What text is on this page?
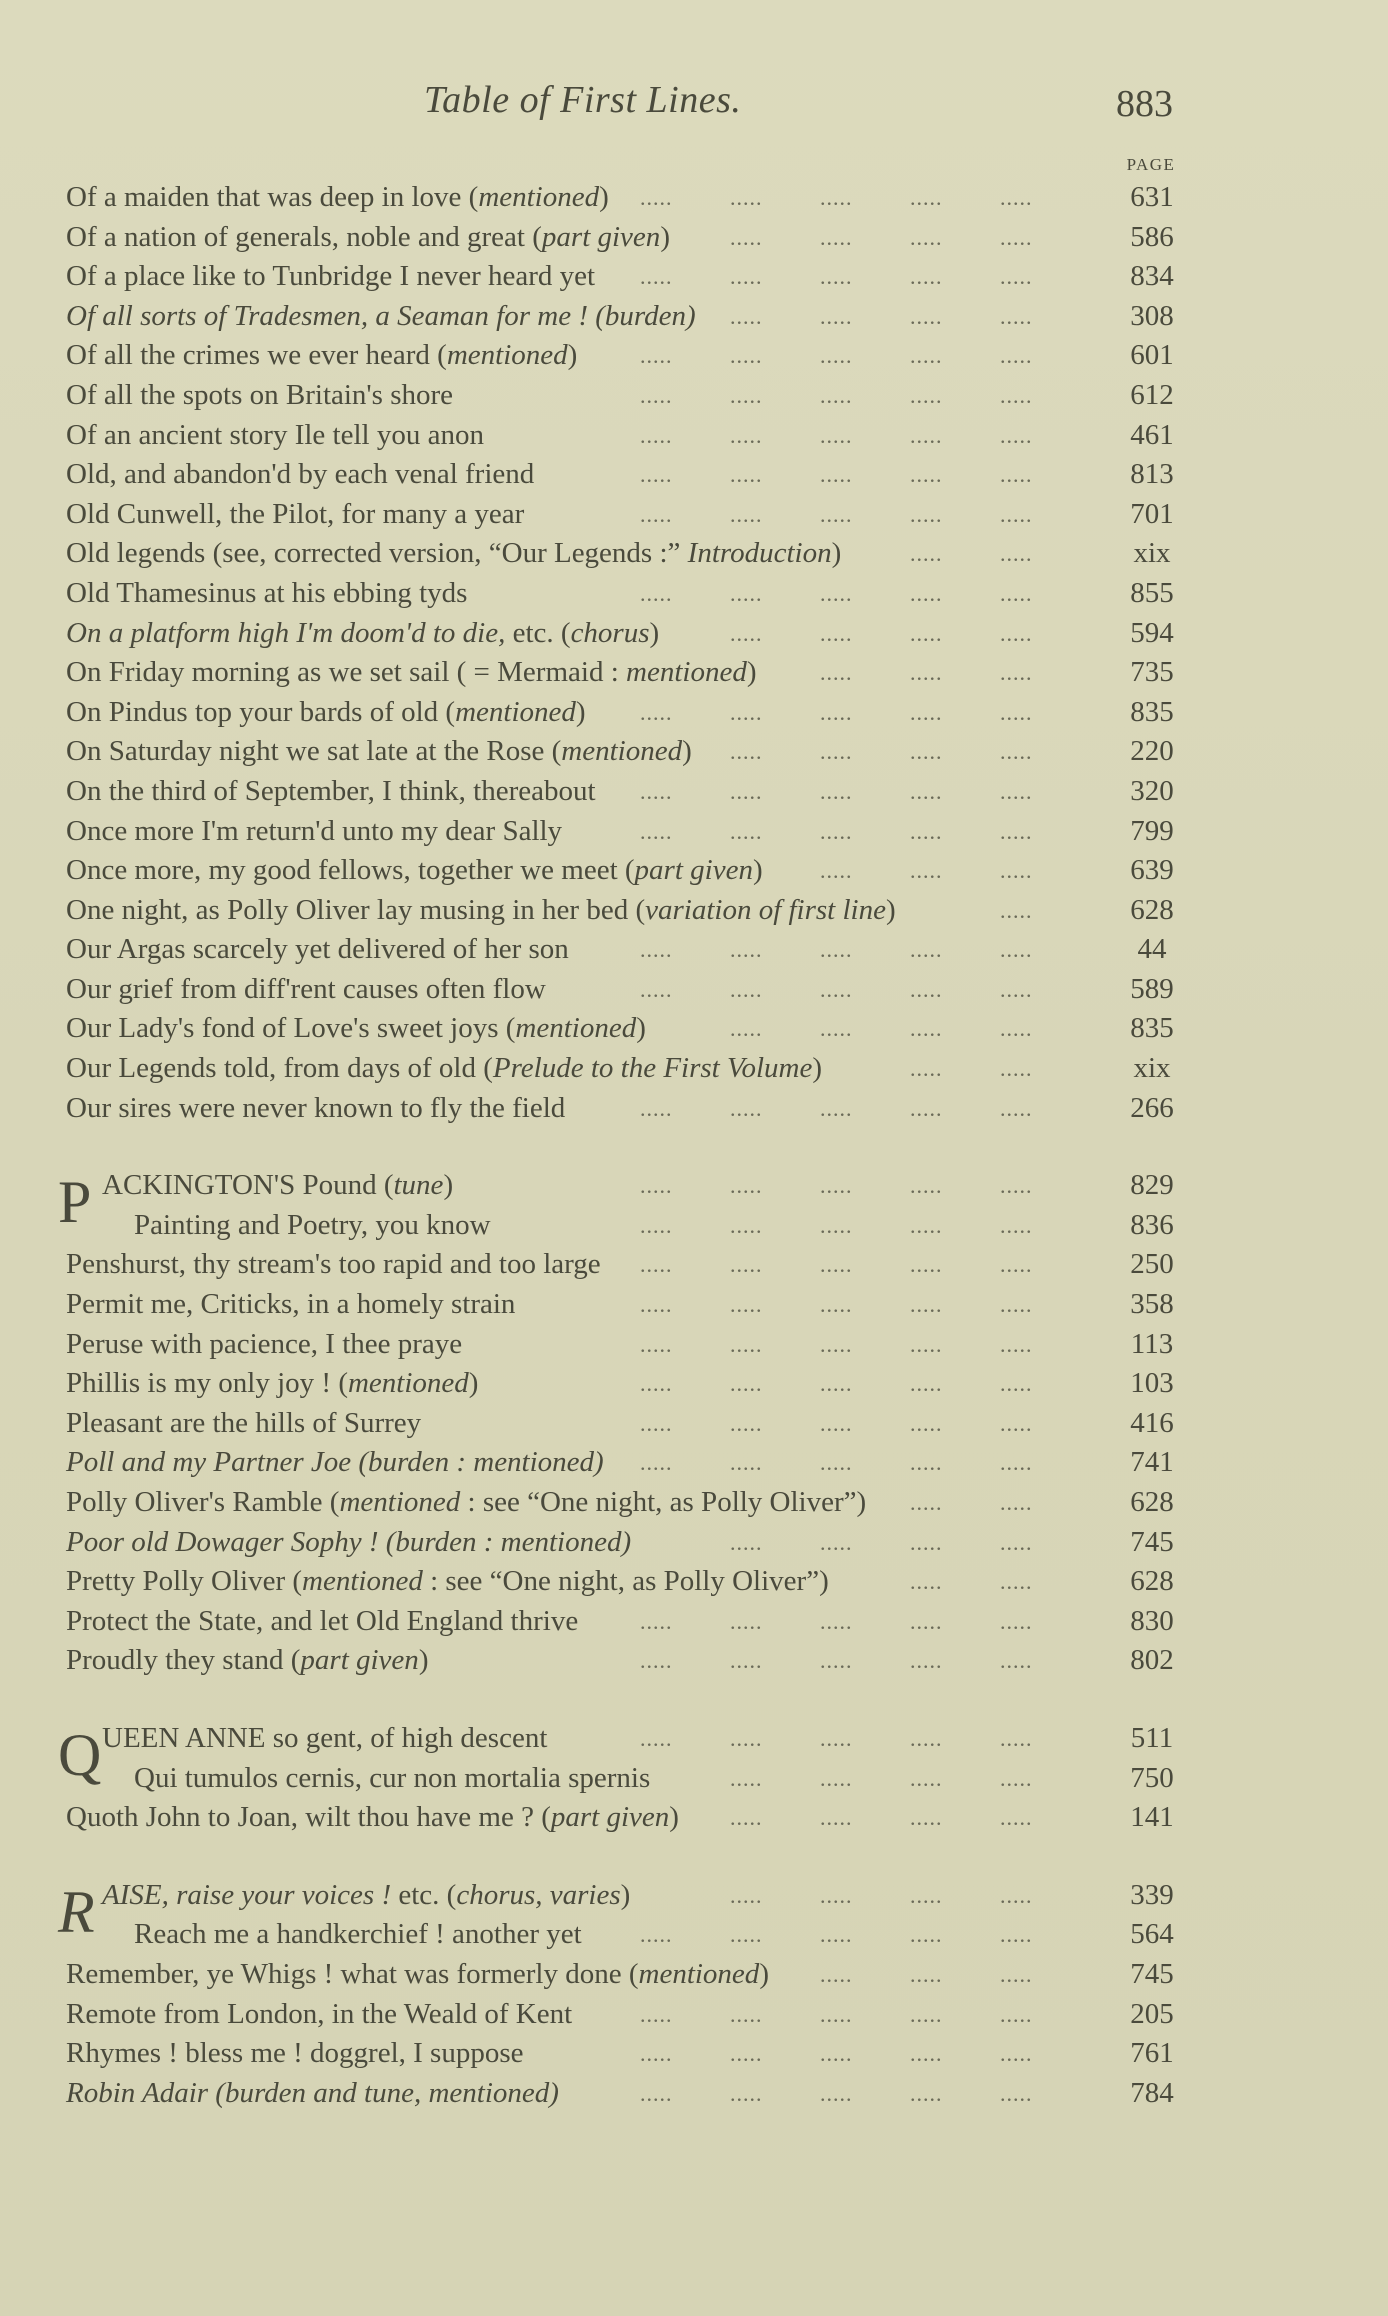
Table of First Lines.	883
PAGE
Of a maiden that was deep in love (mentioned)	631
.....	.....	.....	.....	.....
Of a nation of generals, noble and great (part given)	586
.....	.....	.....	.....
Of a place like to Tunbridge I never heard yet	834
.....	.....	.....	.....	.....
Of all sorts of Tradesmen, a Seaman for me ! (burden)	308
.....	.....	.....	.....
Of all the crimes we ever heard (mentioned)	601
.....	.....	.....	.....	.....
Of all the spots on Britain's shore	612
.....	.....	.....	.....	.....
Of an ancient story Ile tell you anon	461
.....	.....	.....	.....	.....
Old, and abandon'd by each venal friend	813
.....	.....	.....	.....	.....
Old Cunwell, the Pilot, for many a year	701
.....	.....	.....	.....	.....
Old legends (see, corrected version, “Our Legends :” Introduction)	xix
.....	.....
Old Thamesinus at his ebbing tyds	855
.....	.....	.....	.....	.....
On a platform high I'm doom'd to die, etc. (chorus)	594
.....	.....	.....	.....
On Friday morning as we set sail ( = Mermaid : mentioned)	735
.....	.....	.....
On Pindus top your bards of old (mentioned)	835
.....	.....	.....	.....	.....
On Saturday night we sat late at the Rose (mentioned)	220
.....	.....	.....	.....
On the third of September, I think, thereabout	320
.....	.....	.....	.....	.....
Once more I'm return'd unto my dear Sally	799
.....	.....	.....	.....	.....
Once more, my good fellows, together we meet (part given)	639
.....	.....	.....
One night, as Polly Oliver lay musing in her bed (variation of first line)	628
.....
Our Argas scarcely yet delivered of her son	44
.....	.....	.....	.....	.....
Our grief from diff'rent causes often flow	589
.....	.....	.....	.....	.....
Our Lady's fond of Love's sweet joys (mentioned)	835
.....	.....	.....	.....
Our Legends told, from days of old (Prelude to the First Volume)	xix
.....	.....
Our sires were never known to fly the field	266
.....	.....	.....	.....	.....
P ACKINGTON'S Pound (tune)	829
.....	.....	.....	.....	.....
Painting and Poetry, you know	836
.....	.....	.....	.....	.....
Penshurst, thy stream's too rapid and too large	250
.....	.....	.....	.....	.....
Permit me, Criticks, in a homely strain	358
.....	.....	.....	.....	.....
Peruse with pacience, I thee praye	113
.....	.....	.....	.....	.....
Phillis is my only joy ! (mentioned)	103
.....	.....	.....	.....	.....
Pleasant are the hills of Surrey	416
.....	.....	.....	.....	.....
Poll and my Partner Joe (burden : mentioned)	741
.....	.....	.....	.....	.....
Polly Oliver's Ramble (mentioned : see “One night, as Polly Oliver”)	628
.....	.....
Poor old Dowager Sophy ! (burden : mentioned)	745
.....	.....	.....	.....
Pretty Polly Oliver (mentioned : see “One night, as Polly Oliver”)	628
.....	.....
Protect the State, and let Old England thrive	830
.....	.....	.....	.....	.....
Proudly they stand (part given)	802
.....	.....	.....	.....	.....
Q UEEN ANNE so gent, of high descent	511
.....	.....	.....	.....	.....
Qui tumulos cernis, cur non mortalia spernis	750
.....	.....	.....	.....
Quoth John to Joan, wilt thou have me ? (part given)	141
.....	.....	.....	.....
R AISE, raise your voices ! etc. (chorus, varies)	339
.....	.....	.....	.....
Reach me a handkerchief ! another yet	564
.....	.....	.....	.....	.....
Remember, ye Whigs ! what was formerly done (mentioned)	745
.....	.....	.....
Remote from London, in the Weald of Kent	205
.....	.....	.....	.....	.....
Rhymes ! bless me ! doggrel, I suppose	761
.....	.....	.....	.....	.....
Robin Adair (burden and tune, mentioned)	784
.....	.....	.....	.....	.....
